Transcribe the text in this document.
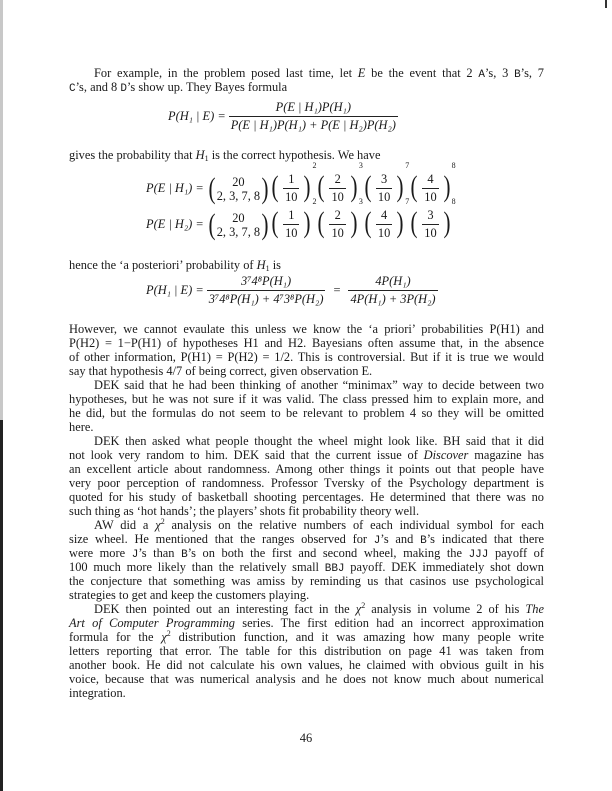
For example, in the problem posed last time, let E be the event that 2 A’s, 3 B’s, 7
C’s, and 8 D’s show up. They Bayes formula
P(H₁ | $E) = \frac{\text{P(E | H₁)P(H₁)}}{\text{P(E | H₁)P(H₁) + P(E | H₂)P(H₂)}}$
gives the probability that $H_1$ is the correct hypothesis. We have
P(E | H₁) = ( 20
2, 3, 7, 8 ) ( $\frac{1}{10}$ )
$^2$
( $\frac{2}{10}$ )
$^3$
( $\frac{3}{10}$ )
$^7$
( $\frac{4}{10}$ )
$^8$
P(E | H₂) = ( 20
2, 3, 7, 8 ) ( $\frac{1}{10}$ )
$^2$
( $\frac{2}{10}$ )
$^3$
( $\frac{4}{10}$ )
$^7$
( $\frac{3}{10}$ )
$^8$
hence the ‘a posteriori’ probability of $H_1$ is
P(H₁ | $E) = \frac{\text{3⁷4⁸P(H₁)}}{\text{3⁷4⁸P(H₁) + 4⁷3⁸P(H₂)}} = \frac{\text{4P(H₁)}}{\text{4P(H₁) + 3P(H₂)}}$
However, we cannot evaulate this unless we know the ‘a priori’ probabilities P(H1) and
P(H2) = 1−P(H1) of hypotheses H1 and H2. Bayesians often assume that, in the absence
of other information, P(H1) = P(H2) = 1/2. This is controversial. But if it is true we would
say that hypothesis 4/7 of being correct, given observation E.
DEK said that he had been thinking of another “minimax” way to decide between two
hypotheses, but he was not sure if it was valid. The class pressed him to explain more, and
he did, but the formulas do not seem to be relevant to problem 4 so they will be omitted
here.
DEK then asked what people thought the wheel might look like. BH said that it did
not look very random to him. DEK said that the current issue of Discover magazine has
an excellent article about randomness. Among other things it points out that people have
very poor perception of randomness. Professor Tversky of the Psychology department is
quoted for his study of basketball shooting percentages. He determined that there was no
such thing as ‘hot hands’; the players’ shots fit probability theory well.
AW did a $\chi^2$ analysis on the relative numbers of each individual symbol for each
size wheel. He mentioned that the ranges observed for J’s and B’s indicated that there
were more J’s than B’s on both the first and second wheel, making the JJJ payoff of
100 much more likely than the relatively small BBJ payoff. DEK immediately shot down
the conjecture that something was amiss by reminding us that casinos use psychological
strategies to get and keep the customers playing.
DEK then pointed out an interesting fact in the $\chi^2$ analysis in volume 2 of his The
Art of Computer Programming series. The first edition had an incorrect approximation
formula for the $\chi^2$ distribution function, and it was amazing how many people write
letters reporting that error. The table for this distribution on page 41 was taken from
another book. He did not calculate his own values, he claimed with obvious guilt in his
voice, because that was numerical analysis and he does not know much about numerical
integration.
46
